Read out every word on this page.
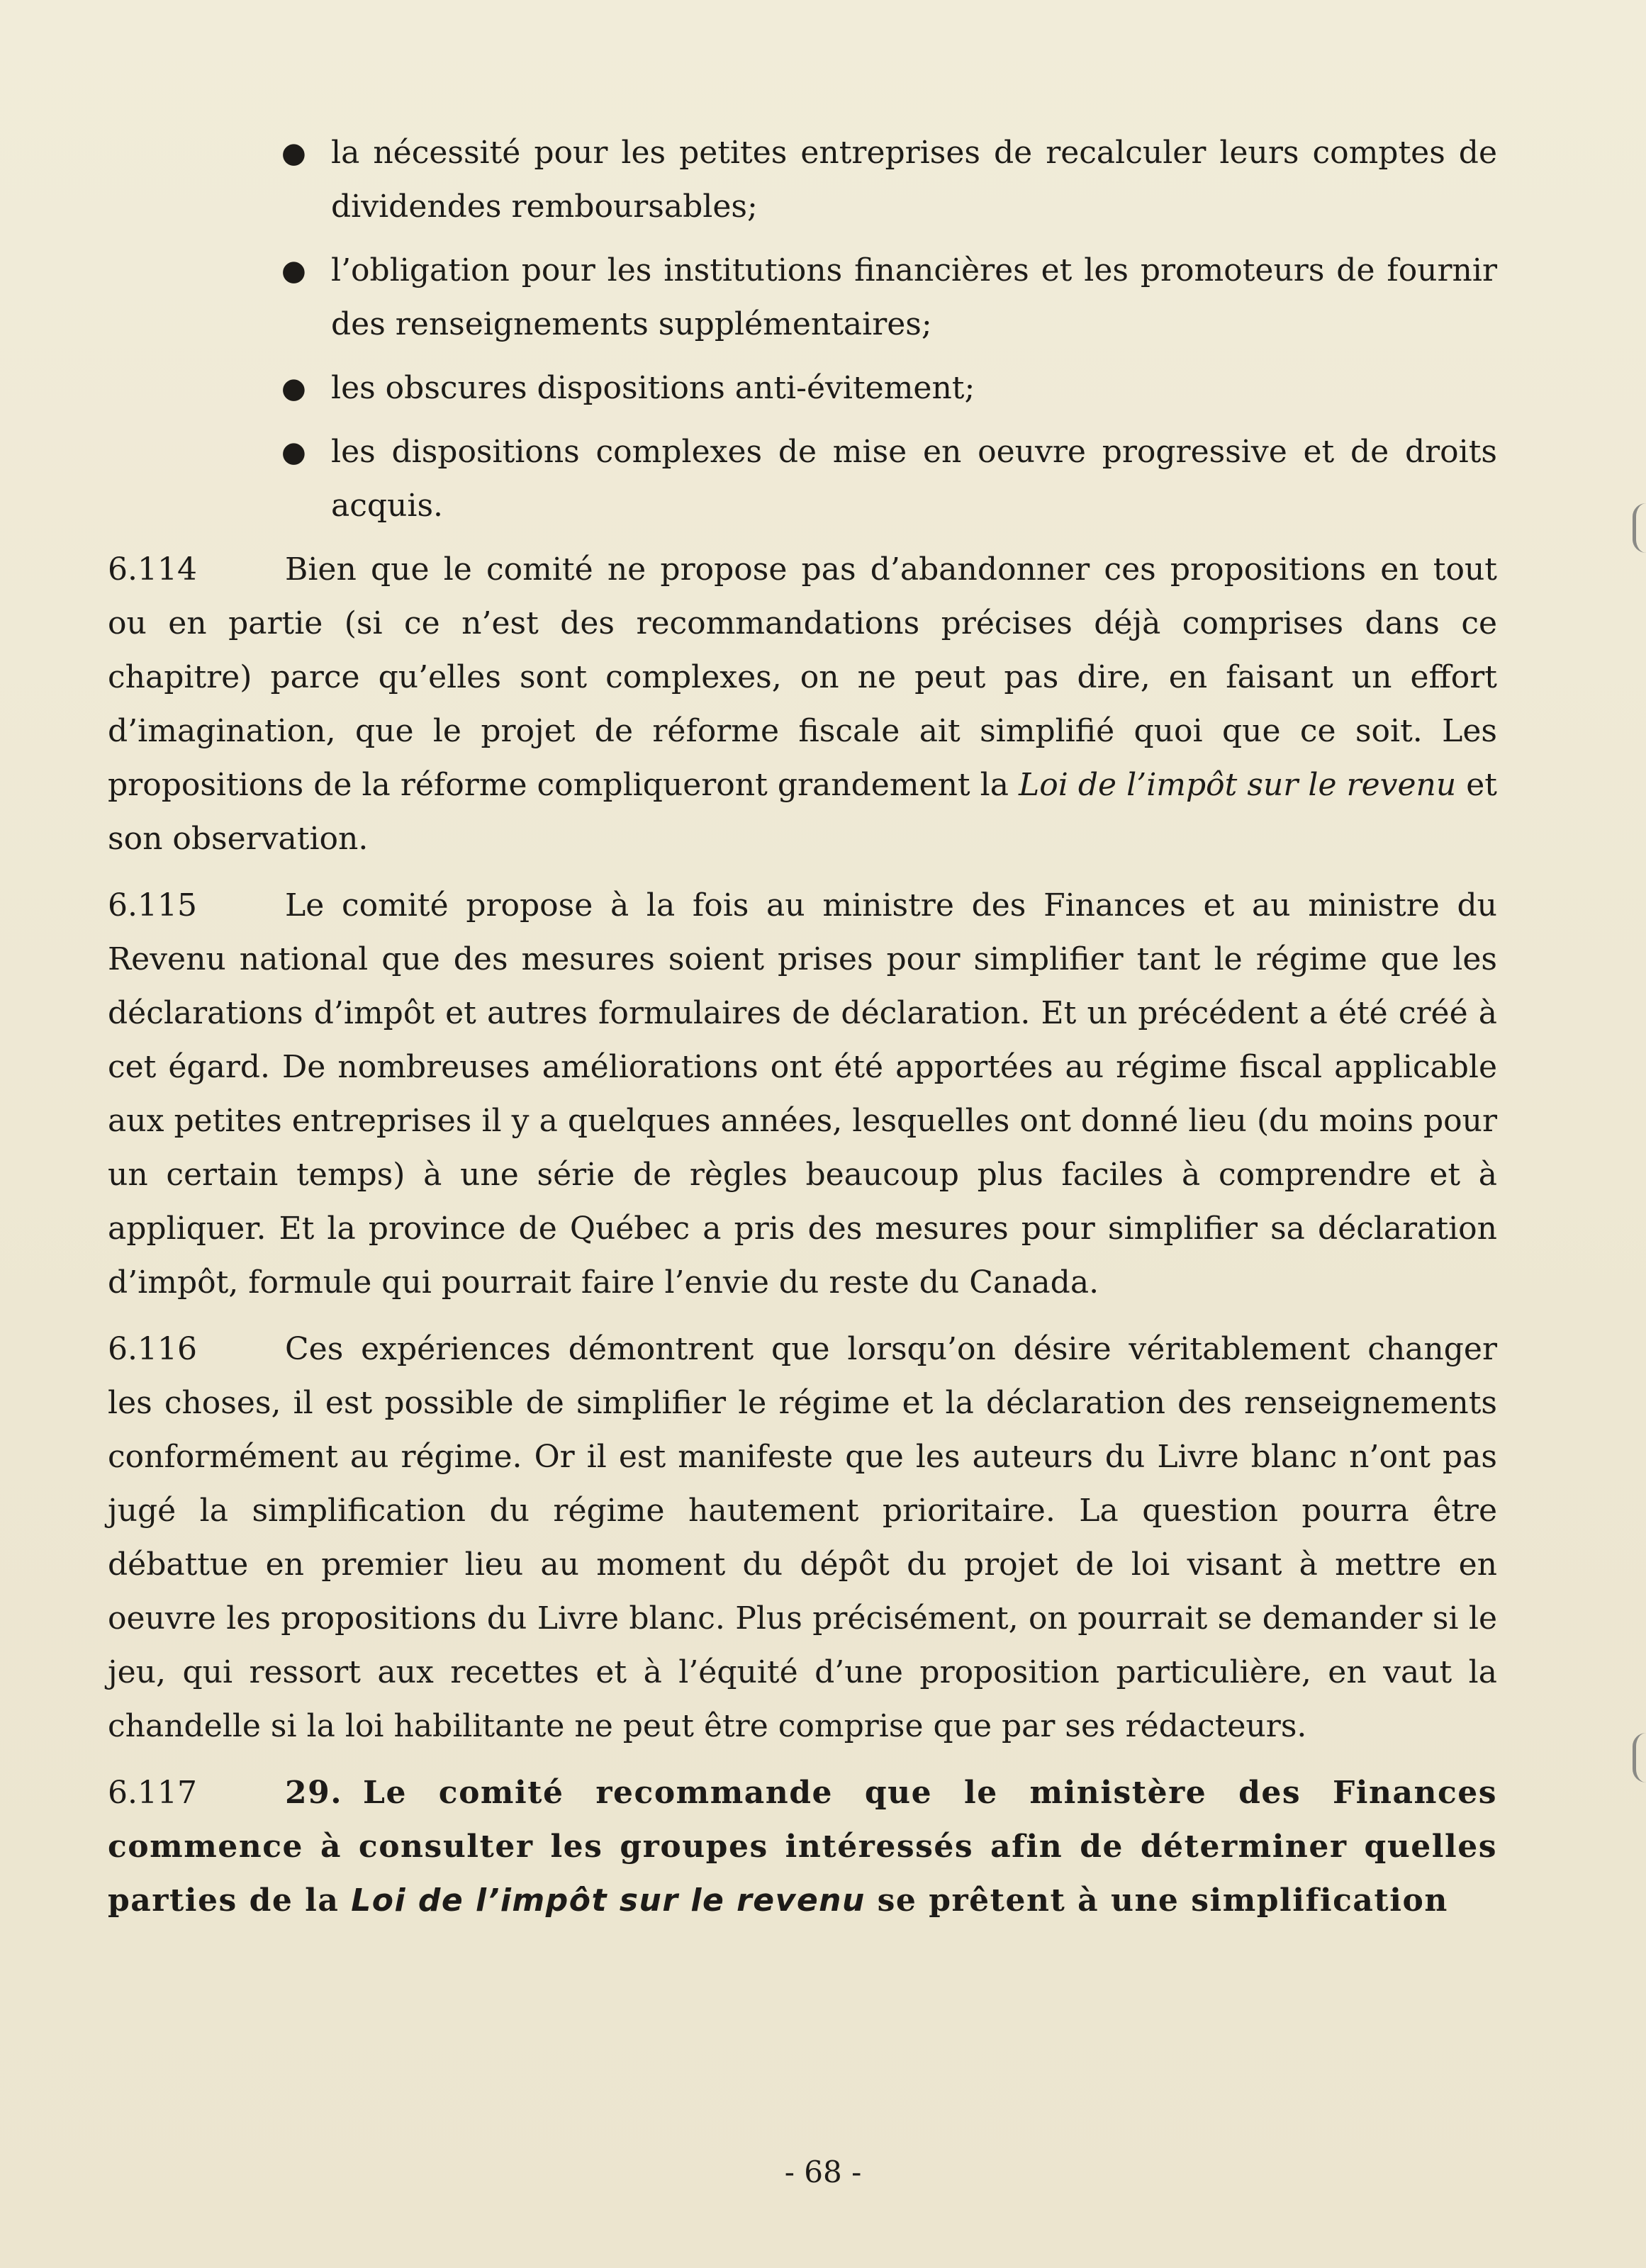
● la nécessité pour les petites entreprises de recalculer leurs comptes de dividendes remboursables;
● l’obligation pour les institutions financières et les promoteurs de fournir des renseignements supplémentaires;
● les obscures dispositions anti-évitement;
● les dispositions complexes de mise en oeuvre progressive et de droits acquis.

6.114	Bien que le comité ne propose pas d’abandonner ces propositions en tout ou en partie (si ce n’est des recommandations précises déjà comprises dans ce chapitre) parce qu’elles sont complexes, on ne peut pas dire, en faisant un effort d’imagination, que le projet de réforme fiscale ait simplifié quoi que ce soit. Les propositions de la réforme compliqueront grandement la Loi de l’impôt sur le revenu et son observation.

6.115	Le comité propose à la fois au ministre des Finances et au ministre du Revenu national que des mesures soient prises pour simplifier tant le régime que les déclarations d’impôt et autres formulaires de déclaration. Et un précédent a été créé à cet égard. De nombreuses améliorations ont été apportées au régime fiscal applicable aux petites entreprises il y a quelques années, lesquelles ont donné lieu (du moins pour un certain temps) à une série de règles beaucoup plus faciles à comprendre et à appliquer. Et la province de Québec a pris des mesures pour simplifier sa déclaration d’impôt, formule qui pourrait faire l’envie du reste du Canada.

6.116	Ces expériences démontrent que lorsqu’on désire véritablement changer les choses, il est possible de simplifier le régime et la déclaration des renseignements conformément au régime. Or il est manifeste que les auteurs du Livre blanc n’ont pas jugé la simplification du régime hautement prioritaire. La question pourra être débattue en premier lieu au moment du dépôt du projet de loi visant à mettre en oeuvre les propositions du Livre blanc. Plus précisément, on pourrait se demander si le jeu, qui ressort aux recettes et à l’équité d’une proposition particulière, en vaut la chandelle si la loi habilitante ne peut être comprise que par ses rédacteurs.

6.117	29. Le comité recommande que le ministère des Finances commence à consulter les groupes intéressés afin de déterminer quelles parties de la Loi de l’impôt sur le revenu se prêtent à une simplification

- 68 -
